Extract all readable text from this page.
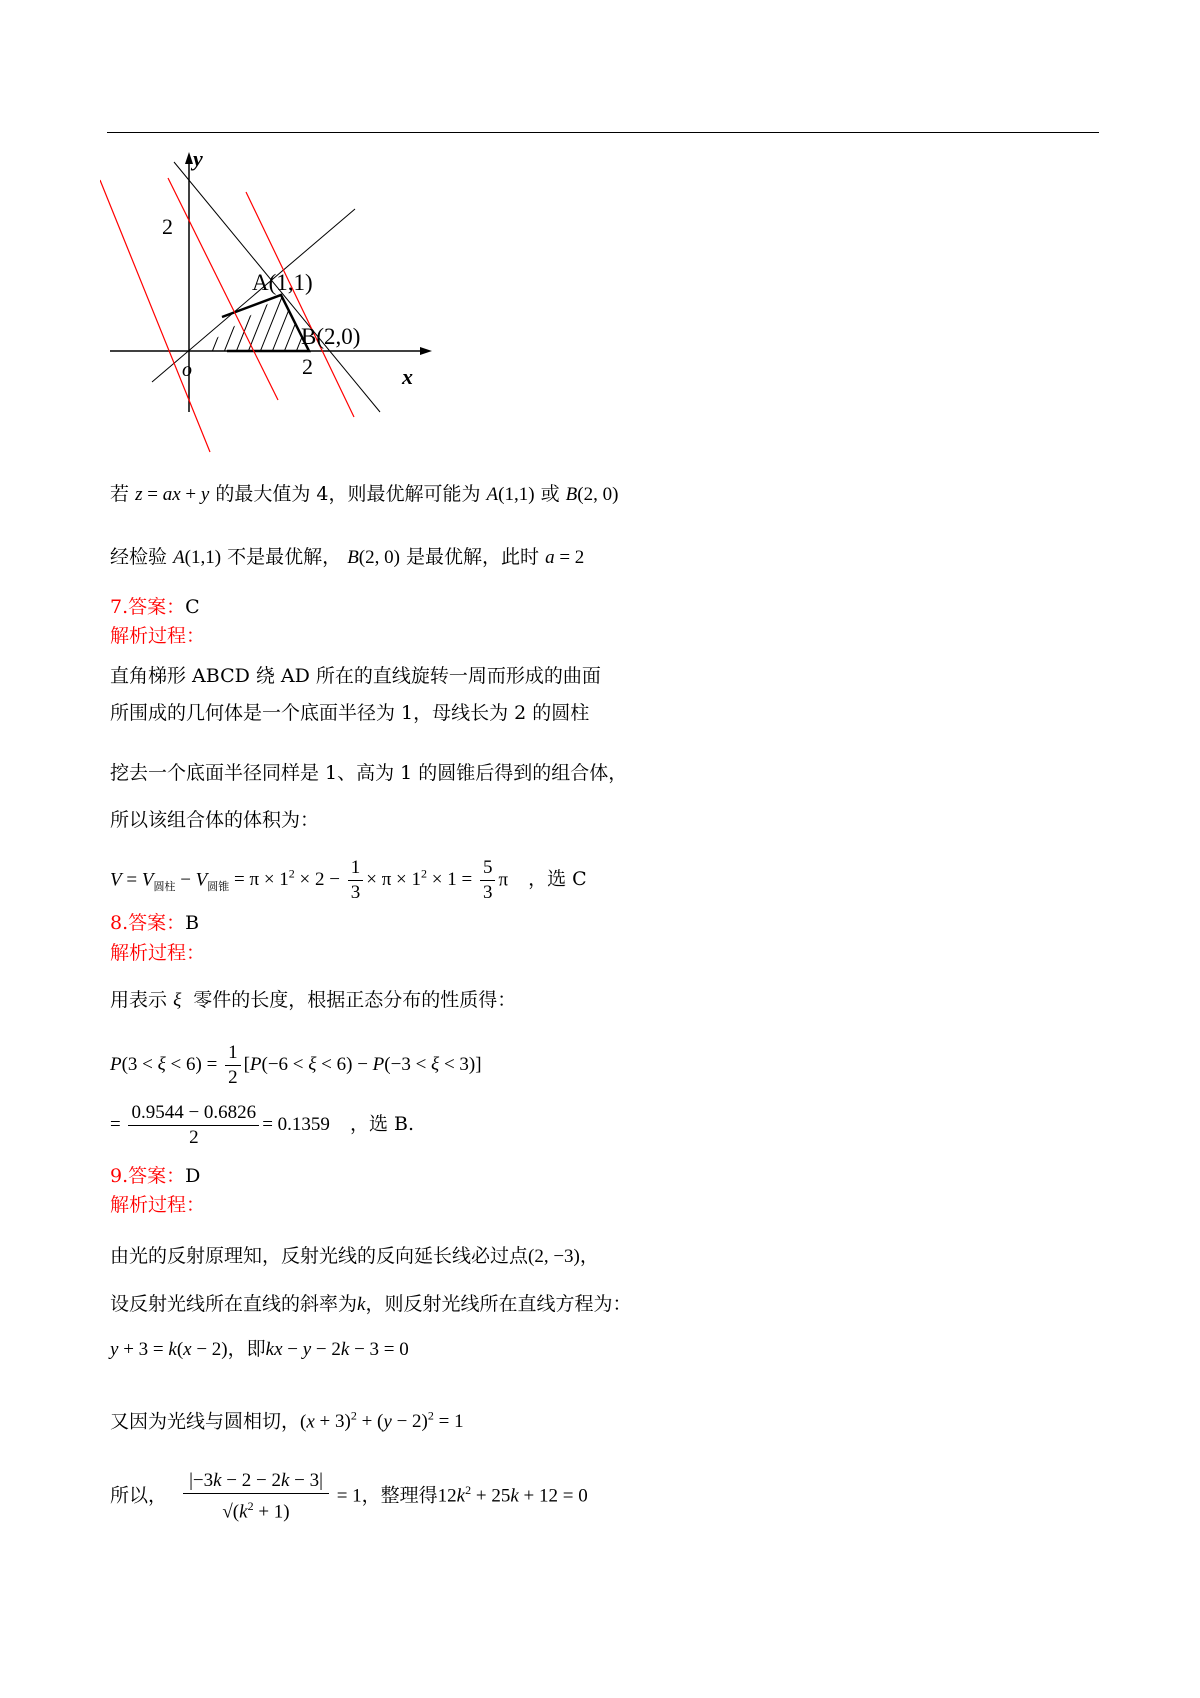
y
x
2
2
o
A(1,1)
B(2,0)
若 z = ax + y 的最大值为 4，则最优解可能为 A(1,1) 或 B(2, 0)
经检验 A(1,1) 不是最优解， B(2, 0) 是最优解，此时 a = 2
7.答案：C
解析过程：
直角梯形 ABCD 绕 AD 所在的直线旋转一周而形成的曲面
所围成的几何体是一个底面半径为 1，母线长为 2 的圆柱
挖去一个底面半径同样是 1、高为 1 的圆锥后得到的组合体，
所以该组合体的体积为：
$V = V_{圆柱} - V_{圆锥} = \pi \times 1^2 \times 2 - \frac{1}{3} \times \pi \times 1^2 \times 1 = \frac{5}{3}$ π ，选 C
8.答案：B
解析过程：
用表示 ξ 零件的长度，根据正态分布的性质得：
$P(3 < \xi < 6) = \frac{1}{2} [P(-6 < \xi < 6) - P(-3 < \xi < 3)]$
= $\frac{0.9544 - 0.6826}{2} = 0.1359$ ，选 B.
9.答案：D
解析过程：
由光的反射原理知，反射光线的反向延长线必过点(2, −3)，
设反射光线所在直线的斜率为k，则反射光线所在直线方程为：
y + 3 = k(x − 2)，即kx − y − 2k − 3 = 0
又因为光线与圆相切，$(x + 3)^2 + (y - 2)^2 = 1$
所以， $\frac{|-3k - 2 - 2k - 3|}{√(k^2 + 1)} = 1$，整理得$12k^2 + 25k + 12 = 0$
